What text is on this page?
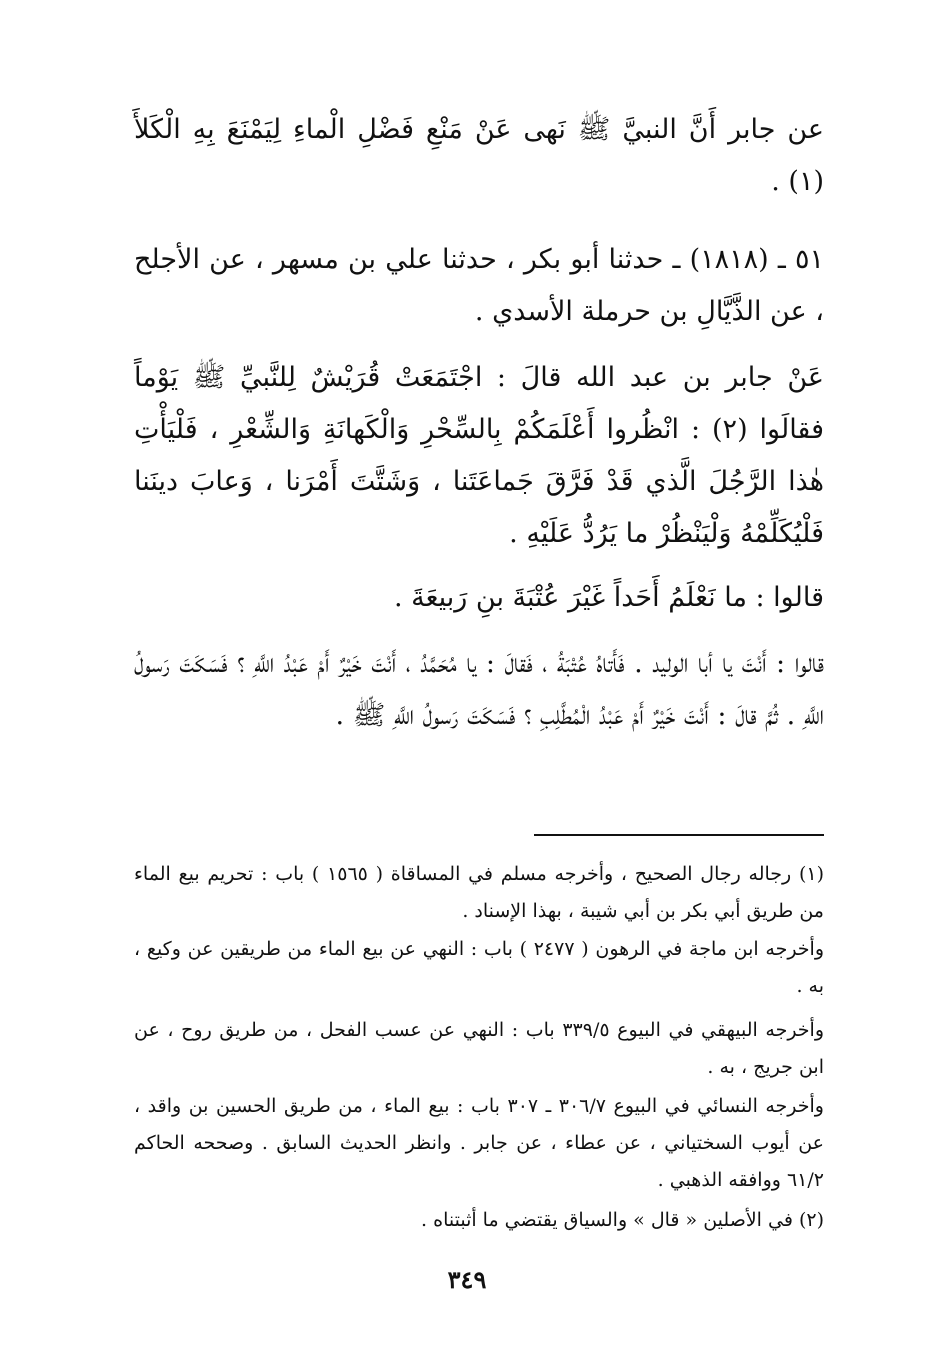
عن جابر أَنَّ النبيَّ ﷺ نَهى عَنْ مَنْعِ فَضْلِ الْماءِ لِيَمْنَعَ بِهِ الْكَلأَ (١) .

٥١ ـ (١٨١٨) ـ حدثنا أبو بكر ، حدثنا علي بن مسهر ، عن الأجلح ، عن الذَّيَّالِ بن حرملة الأسدي .

عَنْ جابر بن عبد الله قالَ : اجْتَمَعَتْ قُرَيْشٌ لِلنَّبيِّ ﷺ يَوْماً فقالَوا (٢) : انْظُروا أَعْلَمَكُمْ بِالسِّحْرِ وَالْكَهانَةِ وَالشِّعْرِ ، فَلْيَأْتِ هٰذا الرَّجُلَ الَّذي قَدْ فَرَّقَ جَماعَتَنا ، وَشَتَّتَ أَمْرَنا ، وَعابَ دينَنا فَلْيُكَلِّمْهُ وَلْيَنْظُرْ ما يَرُدُّ عَلَيْهِ .

قالوا : ما نَعْلَمُ أَحَداً غَيْرَ عُتْبَةَ بنِ رَبيعَةَ .

قالوا : أَنْتَ يا أبا الوليد . فَأَتاهُ عُتْبَةُ ، فَقالَ : يا مُحَمَّدُ ، أَنْتَ خَيْرٌ أَمْ عَبْدُ اللَّهِ ؟ فَسَكَتَ رَسولُ اللَّهِ . ثُمَّ قالَ : أَنْتَ خَيْرٌ أَمْ عَبْدُ الْمُطَّلِبِ ؟ فَسَكَتَ رَسولُ اللَّهِ ﷺ .

(١) رجاله رجال الصحيح ، وأخرجه مسلم في المساقاة ( ١٥٦٥ ) باب : تحريم بيع الماء من طريق أبي بكر بن أبي شيبة ، بهذا الإسناد .

وأخرجه ابن ماجة في الرهون ( ٢٤٧٧ ) باب : النهي عن بيع الماء من طريقين عن وكيع ، به .

وأخرجه البيهقي في البيوع ٣٣٩/٥ باب : النهي عن عسب الفحل ، من طريق روح ، عن ابن جريج ، به .

وأخرجه النسائي في البيوع ٣٠٦/٧ ـ ٣٠٧ باب : بيع الماء ، من طريق الحسين بن واقد ، عن أيوب السختياني ، عن عطاء ، عن جابر . وانظر الحديث السابق . وصححه الحاكم ٦١/٢ ووافقه الذهبي .

(٢) في الأصلين « قال » والسياق يقتضي ما أثبتناه .

٣٤٩
